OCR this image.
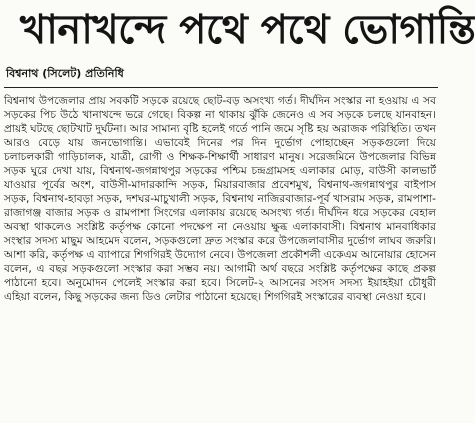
খানাখন্দে পথে পথে ভোগান্তি
বিশ্বনাথ (সিলেট) প্রতিনিধি

বিশ্বনাথ উপজেলার প্রায় সবকটি সড়কে রয়েছে ছোট-বড় অসংখ্য গর্ত। দীর্ঘদিন সংস্কার না হওয়ায় এ সব সড়কের পিচ উঠে খানাখন্দে ভরে গেছে। বিকল্প না থাকায় ঝুঁকি জেনেও এ সব সড়কে চলছে যানবাহন। প্রায়ই ঘটছে ছোটখাট দুর্ঘটনা। আর সামান্য বৃষ্টি হলেই গর্তে পানি জমে সৃষ্টি হয় অরাজক পরিস্থিতি। তখন আরও বেড়ে যায় জনভোগান্তি। এভাবেই দিনের পর দিন দুর্ভোগ পোহাচ্ছেন সড়কগুলো দিয়ে চলাচলকারী গাড়িচালক, যাত্রী, রোগী ও শিক্ষক-শিক্ষার্থী সাধারণ মানুষ। সরেজমিনে উপজেলার বিভিন্ন সড়ক ঘুরে দেখা যায়, বিশ্বনাথ-জগন্নাথপুর সড়কের পশ্চিম চন্দ্রগ্রামসহ এলাকার মোড়, বাউসী কালভার্ট যাওয়ার পূর্বের অংশ, বাউসী-মাদারকান্দি সড়ক, মিয়ারবাজার প্রবেশমুখ, বিশ্বনাথ-জগন্নাথপুর বাইপাস সড়ক, বিশ্বনাথ-হাবড়া সড়ক, দশঘর-মাচুখালী সড়ক, বিশ্বনাথ নাজিরবাজার-পূর্ব খাসরাম সড়ক, রামপাশা-রাজাগঞ্জ বাজার সড়ক ও রামপাশা সিংগের এলাকায় রয়েছে অসংখ্য গর্ত। দীর্ঘদিন ধরে সড়কের বেহাল অবস্থা থাকলেও সংশ্লিষ্ট কর্তৃপক্ষ কোনো পদক্ষেপ না নেওয়ায় ক্ষুব্ধ এলাকাবাসী। বিশ্বনাথ মানবাধিকার সংস্থার সদস্য মাছুম আহমেদ বলেন, সড়কগুলো দ্রুত সংস্কার করে উপজেলাবাসীর দুর্ভোগ লাঘব জরুরি। আশা করি, কর্তৃপক্ষ এ ব্যাপারে শিগগিরই উদ্যোগ নেবে। উপজেলা প্রকৌশলী একেএম আনোয়ার হোসেন বলেন, এ বছর সড়কগুলো সংস্কার করা সম্ভব নয়। আগামী অর্থ বছরে সংশ্লিষ্ট কর্তৃপক্ষের কাছে প্রকল্প পাঠানো হবে। অনুমোদন পেলেই সংস্কার করা হবে। সিলেট-২ আসনের সংসদ সদস্য ইয়াহইয়া চৌধুরী এহিয়া বলেন, কিছু সড়কের জন্য ডিও লেটার পাঠানো হয়েছে। শিগগিরই সংস্কারের ব্যবস্থা নেওয়া হবে।
